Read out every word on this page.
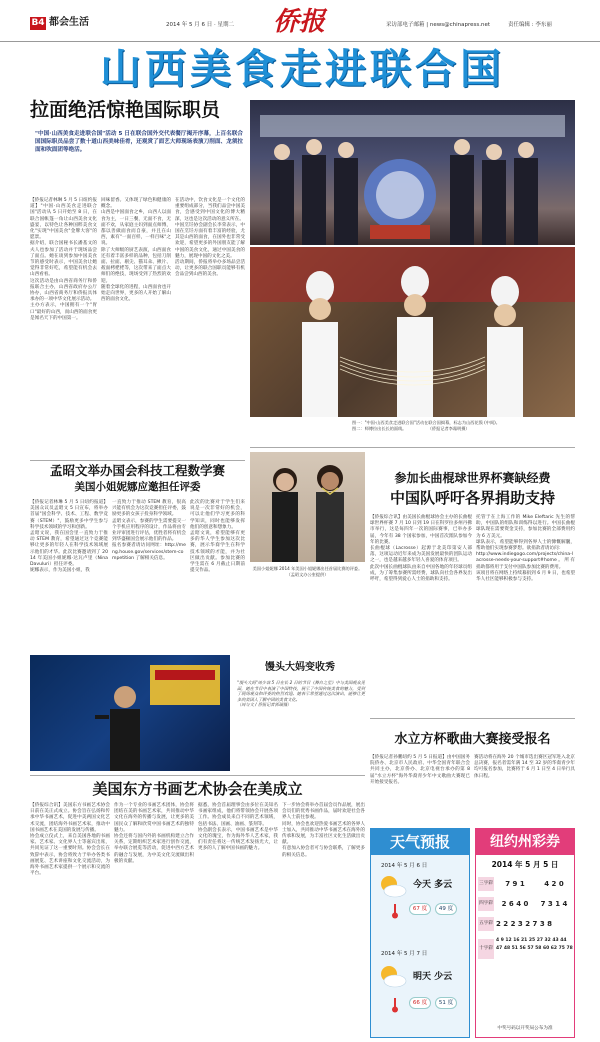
B4 都会生活	2014 年 5 月 6 日 · 星期二 侨报	采访部电子邮箱 | news@chinapress.net	责任编辑 : 李东丽
山西美食走进联合国
拉面绝活惊艳国际职员
"中国·山西美食走进联合国"活动 5 日在联合国外交代表餐厅揭开序幕，上百名联合国国际职员品尝了数十道山西美味佳肴，还观赏了面艺大师现场表演刀削面、龙须拉面和吹面团等绝活。
【侨报记者林琳 5 月 5 日纽约报道】"中国·山西美食走进联合国"活动从 5 日开始至 8 日，在联合国帐篷一角让山西美食文化盛宴，以特色让各种国粹美食文化"实现"中国美食"金牌大客"的愿景。
据介绍，联合国秘书长潘基文的夫人也参加了活动并于现场品尝了面点。她在谈到参加中国美食节的感受时表示，中国美食让她觉得非常好吃，希望能有机会去山西看看。
这次活动是由山西省商务厅和侨报联合主办，山西省政府办公厅协办，山西省商务厅和侨报具体承办的一项中华文化展示活动。
主办方表示，中国拥有一个"胃口"最好的山西，而山西的面食更是闻名天下的中国第一。
回味留香。又体现了绿色和健康的概念。
山西是中国面食之乡，山西人以面食为主，一日三餐，无面不食，无面不欢，从家庭主妇到面点师傅，都以善做面食而自豪，并且在山西，素有"一面百样，一样百味"之说。
除了大师级的厨艺表演，山西面食还有着丰富多样的品种，包括刀削面、拉面、剔尖、猫耳朵、揪片、莜面栲栳栳等，这次带来了面点大师们的绝技，现场受到了热烈的欢迎。
随着全球化的进程，山西面食也开始走向世界，更多的人开始了解山西的面食文化。
在活动中，饮食文化是一个文化的重要组成部分，当我们品尝中国美食，会感受到中国文化的博大精深，这也是这次活动的意义所在。
中国烹饪协会副会长李荣表示，中国在烹饪方面有着丰富的经验，尤其是山西的面食，在国外也非常受欢迎，希望更多的外国朋友能了解中国的美食文化，通过中国美食的魅力，展现中国的文化之美。
活动期间，侨报将举办多场品尝活动，让更多的联合国职员能够有机会品尝到山西的美食。
图一："中国·山西美食走进联合国"活动在联合国揭幕，标志为山西花馍 (中间)。
图二：师傅拉出长长的面线。                （侨报记者李霜明摄）
参加长曲棍球世界杯赛缺经费
中国队呼吁各界捐助支持
【侨报综合讯】由美国长曲棍球协会主办的长曲棍球世界杯赛 7 月 10 日到 19 日在科罗拉多州丹佛市举行，这是每四年一次的国际赛事，已举办多届，今年有 38 个国家参加，中国首次派队参加今年的比赛。
长曲棍球（Lacrosse）起源于北美印第安人部落，这项运动近年来成为美国发展最快的团队运动之一，也是越来越多年轻人喜爱的体育项目。
此次中国长曲棍球队由来自中国各地的年轻球员组成，为了筹集参赛所需经费，球队向社会各界发出呼吁，希望得到爱心人士的捐助和支持。
托管于在上海工作的 Mike Eleftaric 先生的帮助，中国队的组队和训练得以进行。中国长曲棍球队现在需要资金支持，参加比赛的全部费用约为 6 万美元。
球队表示，希望能够得到各界人士的慷慨解囊，帮助他们实现参赛梦想。欲捐款者请访问：
http://www.indiegogo.com/projects/china-lacrosse-needs-your-support#home。所有捐助都将用于支付中国队参加比赛的费用。
该项目将在网络上持续募捐到 6 月 9 日，也希望华人社区能够积极参与支持。
孟昭文举办国会科技工程数学赛
美国小姐妮娜应邀担任评委
【侨报记者林琳 5 月 5 日纽约报道】美国众议员孟昭文 5 日宣布，将举办首届"国会科学、技术、工程、数学竞赛（STEM）"，鼓励更多中学生参与科学技术领域的学习和创新。
孟昭文说，我在国会里一直致力于推动 STEM 教育，希望通过这个竞赛能够让更多的年轻人在科学技术领域展示他们的才华。此次比赛邀请到了 2014 年美国小姐妮娜·达瓦卢里（Nina Davuluri）担任评委。
妮娜表示，作为美国小姐，我
一直致力于推动 STEM 教育，很高兴能有机会为这次竞赛担任评委，鼓励更多的女孩子投身科学领域。
孟昭文表示，参赛的学生需要提交一个手机应用程序的设计，作品将由专业评审团进行评估，优胜者将有机会到华盛顿国会展示他们的作品。
报名参赛者请访问网址：http://meng.house.gov/services/stem-competition 了解相关信息。
此次的比赛对于学生们来说是一次非常好的机会，可以让他们学习更多的科学知识，同时也能够发挥他们的创意和想象力。
孟昭文说，希望能够有更多的华人学生参加这次比赛，展示华裔学生在科学技术领域的才能，并为社区做出贡献。参加比赛的学生需在 6 月截止日期前提交作品。	美国小姐妮娜 2014 年美国小姐妮娜出任首届比赛的评委。
（孟昭文办公室提供）
馒头大妈变收秀
"馒头大妈"周少容 5 日在长 2 日的节目《舞台之星》中与美国观众见面，她在节目中表演了中国特技，展示了中国传统美食的魅力，受到了现场观众和评委的热烈欢迎。她表示希望通过这次演出，能够让更多的美国人了解中国的美食文化。
（周与文 / 侨报记者郭瑞摄）
美国东方书画艺术协会在美成立
【侨报综合讯】美国东方书画艺术协会日前在美正式成立。协会旨在弘扬和传承中华书画艺术，促进中美两国文化艺术交流，团结海外书画艺术家，推动中国书画艺术在美国的发展与传播。
协会成立仪式上，来自美国各地的书画家、艺术家、文化界人士等嘉宾出席，共同见证了这一重要时刻。协会会长在致辞中表示，协会将致力于举办各类书画展览、艺术讲座和文化交流活动，为海外书画艺术家提供一个展示和交流的平台。
作为一个专业的书画艺术团体，协会将团结在美的书画艺术家，共同推动中华文化在海外的传播与发展，让更多的美国民众了解和欣赏中国书画艺术的独特魅力。
协会还将与国内外的书画机构建立合作关系，定期组织艺术家进行创作交流，举办联合展览等活动，促进中西方艺术的融合与发展，为中美文化交流做出积极的贡献。
据悉，协会首届理事会由多位在美知名书画家组成，他们将带领协会开展各项工作。协会成员来自不同的艺术领域，包括书法、国画、油画、篆刻等。
协会副会长表示，中国书画艺术是中华文化的瑰宝，作为海外华人艺术家，我们有责任将这一传统艺术发扬光大，让更多的人了解中国书画的魅力。
下一步协会将举办首届会员作品展，展出会员们的优秀书画作品，届时欢迎社会各界人士前往参观。
同时，协会也欢迎热爱书画艺术的各界人士加入，共同推动中华书画艺术在海外的传承和发展，为丰富社区文化生活做出贡献。
有意加入协会者可与协会联系，了解更多的相关信息。
水立方杯歌曲大赛接受报名
【侨报记者孙鹏纽约 5 月 5 日报道】由中国国务院侨办、北京市人民政府、中华全国青年联合会共同主办，北京侨办、北京电视台承办的第 8 届"水立方杯"海外华裔青少年中文歌曲大赛现已开始接受报名。
赛活动将在海外 20 个城市选出赛区冠军进入北京总决赛，报名者需年满 14 至 32 岁的华裔青少年均可报名参加，比赛将于 6 月 1 日至 4 日举行具体日程。
天气预报
2014 年 5 月 6 日
今天 多云
67 度	49 度
2014 年 5 月 7 日
明天 少云
66 度	51 度
纽约州彩券
2014 年 5 月 5 日
三字彩	7 9 1	4 2 0
四字彩	2 6 4 0	7 3 1 4
五字彩 2 2 2 3 2 7 3 8
十字彩
4 9 12 16 21 25 27 32 43 44
47 48 51 56 57 58 60 62 75 78
中奖号码以开奖局公布为准
